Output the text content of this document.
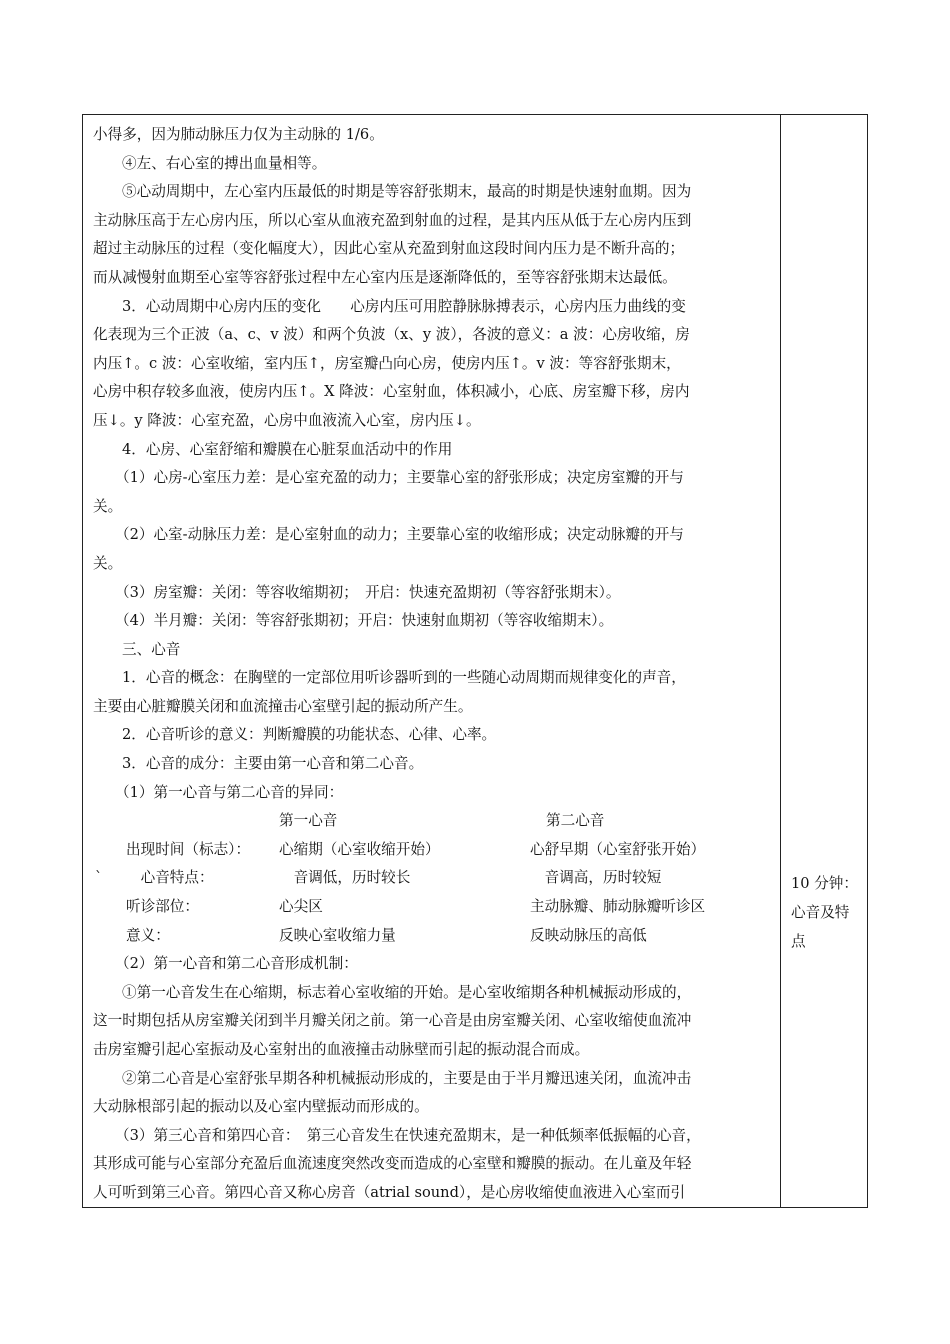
小得多，因为肺动脉压力仅为主动脉的 1/6。

④左、右心室的搏出血量相等。

⑤心动周期中，左心室内压最低的时期是等容舒张期末，最高的时期是快速射血期。因为

主动脉压高于左心房内压，所以心室从血液充盈到射血的过程，是其内压从低于左心房内压到

超过主动脉压的过程（变化幅度大），因此心室从充盈到射血这段时间内压力是不断升高的；

而从减慢射血期至心室等容舒张过程中左心室内压是逐渐降低的，至等容舒张期末达最低。

3．心动周期中心房内压的变化　　心房内压可用腔静脉脉搏表示，心房内压力曲线的变

化表现为三个正波（a、c、v 波）和两个负波（x、y 波），各波的意义：a 波：心房收缩，房

内压↑。c 波：心室收缩，室内压↑，房室瓣凸向心房，使房内压↑。v 波：等容舒张期末，

心房中积存较多血液，使房内压↑。X 降波：心室射血，体积减小，心底、房室瓣下移，房内

压↓。y 降波：心室充盈，心房中血液流入心室，房内压↓。

4．心房、心室舒缩和瓣膜在心脏泵血活动中的作用

（1）心房-心室压力差：是心室充盈的动力；主要靠心室的舒张形成；决定房室瓣的开与

关。

（2）心室-动脉压力差：是心室射血的动力；主要靠心室的收缩形成；决定动脉瓣的开与

关。

（3）房室瓣：关闭：等容收缩期初；　开启：快速充盈期初（等容舒张期末）。

（4）半月瓣：关闭：等容舒张期初；开启：快速射血期初（等容收缩期末）。

三、心音

1．心音的概念：在胸壁的一定部位用听诊器听到的一些随心动周期而规律变化的声音，

主要由心脏瓣膜关闭和血流撞击心室壁引起的振动所产生。

2．心音听诊的意义：判断瓣膜的功能状态、心律、心率。

3．心音的成分：主要由第一心音和第二心音。

（1）第一心音与第二心音的异同：

第一心音	第二心音
出现时间（标志）： 心缩期（心室收缩开始）	心舒早期（心室舒张开始）
` 　心音特点：	　音调低，历时较长	　音调高，历时较短
听诊部位：	心尖区	主动脉瓣、肺动脉瓣听诊区
意义：	反映心室收缩力量	反映动脉压的高低

（2）第一心音和第二心音形成机制：

①第一心音发生在心缩期，标志着心室收缩的开始。是心室收缩期各种机械振动形成的，

这一时期包括从房室瓣关闭到半月瓣关闭之前。第一心音是由房室瓣关闭、心室收缩使血流冲

击房室瓣引起心室振动及心室射出的血液撞击动脉壁而引起的振动混合而成。

②第二心音是心室舒张早期各种机械振动形成的，主要是由于半月瓣迅速关闭，血流冲击

大动脉根部引起的振动以及心室内壁振动而形成的。

（3）第三心音和第四心音：　第三心音发生在快速充盈期末，是一种低频率低振幅的心音，

其形成可能与心室部分充盈后血流速度突然改变而造成的心室壁和瓣膜的振动。在儿童及年轻

人可听到第三心音。第四心音又称心房音（atrial sound），是心房收缩使血液进入心室而引

10 分钟：

心音及特

点
